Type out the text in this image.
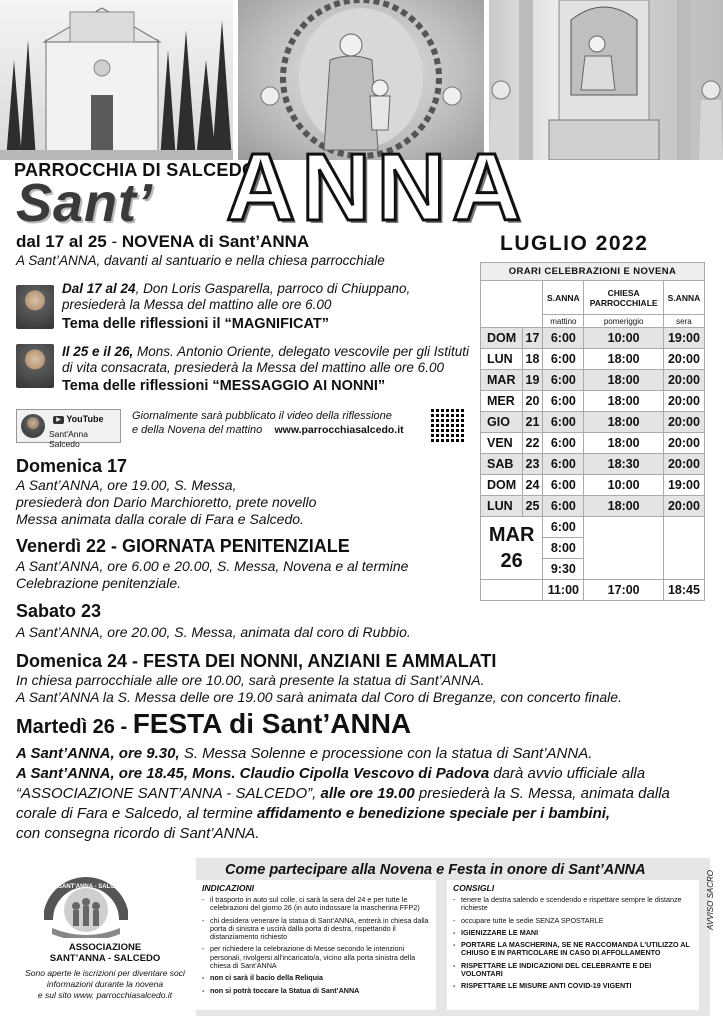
PARROCCHIA DI SALCEDO
Sant’ ANNA
dal 17 al 25 - NOVENA di Sant’ANNA
A Sant’ANNA, davanti al santuario e nella chiesa parrocchiale
Dal 17 al 24, Don Loris Gasparella, parroco di Chiuppano,
presiederà la Messa del mattino alle ore 6.00
Tema delle riflessioni il “MAGNIFICAT”
Il 25 e il 26, Mons. Antonio Oriente, delegato vescovile per gli Istituti
di vita consacrata, presiederà la Messa del mattino alle ore 6.00
Tema delle riflessioni “MESSAGGIO AI NONNI”
▶ YouTube
Sant'Anna Salcedo
Giornalmente sarà pubblicato il video della riflessione
e della Novena del mattino www.parrocchiasalcedo.it
LUGLIO 2022
ORARI CELEBRAZIONI E NOVENA				
		S.ANNA	CHIESA
PARROCCHIALE	S.ANNA
		mattino	pomeriggio	sera
DOM	17	6:00	10:00	19:00
LUN	18	6:00	18:00	20:00
MAR	19	6:00	18:00	20:00
MER	20	6:00	18:00	20:00
GIO	21	6:00	18:00	20:00
VEN	22	6:00	18:00	20:00
SAB	23	6:00	18:30	20:00
DOM	24	6:00	10:00	19:00
LUN	25	6:00	18:00	20:00

MAR
26		6:00		
		8:00		
		9:30		
		11:00	17:00	18:45
Domenica 17
A Sant’ANNA, ore 19.00, S. Messa,
presiederà don Dario Marchioretto, prete novello
Messa animata dalla corale di Fara e Salcedo.
Venerdì 22 - GIORNATA PENITENZIALE
A Sant’ANNA, ore 6.00 e 20.00, S. Messa, Novena e al termine
Celebrazione penitenziale.
Sabato 23
A Sant’ANNA, ore 20.00, S. Messa, animata dal coro di Rubbio.
Domenica 24 - FESTA DEI NONNI, ANZIANI E AMMALATI
In chiesa parrocchiale alle ore 10.00, sarà presente la statua di Sant’ANNA.
A Sant’ANNA la S. Messa delle ore 19.00 sarà animata dal Coro di Breganze, con concerto finale.
Martedì 26 - FESTA di Sant’ANNA
A Sant’ANNA, ore 9.30, S. Messa Solenne e processione con la statua di Sant’ANNA.
A Sant’ANNA, ore 18.45, Mons. Claudio Cipolla Vescovo di Padova darà avvio ufficiale alla
“ASSOCIAZIONE SANT’ANNA - SALCEDO”, alle ore 19.00 presiederà la S. Messa, animata dalla
corale di Fara e Salcedo, al termine affidamento e benedizione speciale per i bambini,
con consegna ricordo di Sant’ANNA.
Come partecipare alla Novena e Festa in onore di Sant’ANNA
SANT'ANNA - SALCEDO
ASSOCIAZIONE
SANT’ANNA - SALCEDO
Sono aperte le iscrizioni per diventare soci
informazioni durante la novena
e sul sito www. parrocchiasalcedo.it
INDICAZIONI
- il trasporto in auto sul colle, ci sarà la sera del 24 e per tutte le celebrazioni del giorno 26 (in auto indossare la mascherina FFP2)
- chi desidera venerare la statua di Sant’ANNA, entrerà in chiesa dalla porta di sinistra e uscirà dalla porta di destra, rispettando il distanziamento richiesto
- per richiedere la celebrazione di Messe secondo le intenzioni personali, rivolgersi all'incaricato/a, vicino alla porta sinistra della chiesa di Sant’ANNA
- non ci sarà il bacio della Reliquia
- non si potrà toccare la Statua di Sant’ANNA
CONSIGLI
- tenere la destra salendo e scendendo e rispettare sempre le distanze richieste
- occupare tutte le sedie SENZA SPOSTARLE
- IGIENIZZARE LE MANI
- PORTARE LA MASCHERINA, SE NE RACCOMANDA L'UTILIZZO AL CHIUSO E IN PARTICOLARE IN CASO DI AFFOLLAMENTO
- RISPETTARE LE INDICAZIONI DEL CELEBRANTE E DEI VOLONTARI
- RISPETTARE LE MISURE ANTI COVID-19 VIGENTI
AVVISO SACRO
